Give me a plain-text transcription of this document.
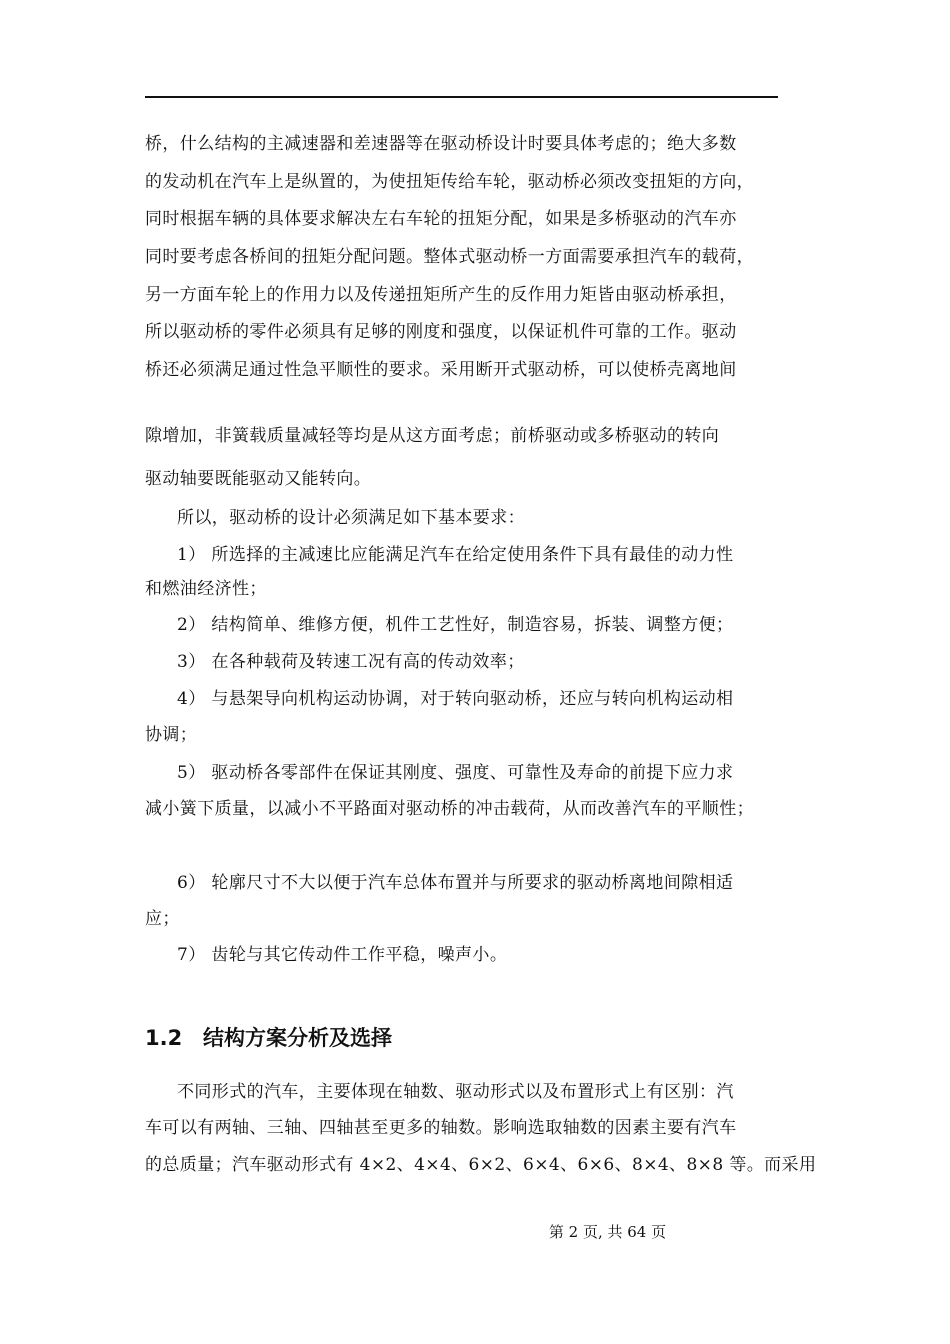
桥，什么结构的主减速器和差速器等在驱动桥设计时要具体考虑的；绝大多数
的发动机在汽车上是纵置的，为使扭矩传给车轮，驱动桥必须改变扭矩的方向，
同时根据车辆的具体要求解决左右车轮的扭矩分配，如果是多桥驱动的汽车亦
同时要考虑各桥间的扭矩分配问题。整体式驱动桥一方面需要承担汽车的载荷，
另一方面车轮上的作用力以及传递扭矩所产生的反作用力矩皆由驱动桥承担，
所以驱动桥的零件必须具有足够的刚度和强度，以保证机件可靠的工作。驱动
桥还必须满足通过性急平顺性的要求。采用断开式驱动桥，可以使桥壳离地间
隙增加，非簧载质量减轻等均是从这方面考虑；前桥驱动或多桥驱动的转向
驱动轴要既能驱动又能转向。
所以，驱动桥的设计必须满足如下基本要求：
1） 所选择的主减速比应能满足汽车在给定使用条件下具有最佳的动力性
和燃油经济性；
2） 结构简单、维修方便，机件工艺性好，制造容易，拆装、调整方便；
3） 在各种载荷及转速工况有高的传动效率；
4） 与悬架导向机构运动协调，对于转向驱动桥，还应与转向机构运动相
协调；
5） 驱动桥各零部件在保证其刚度、强度、可靠性及寿命的前提下应力求
减小簧下质量，以减小不平路面对驱动桥的冲击载荷，从而改善汽车的平顺性；
6） 轮廓尺寸不大以便于汽车总体布置并与所要求的驱动桥离地间隙相适
应；
7） 齿轮与其它传动件工作平稳，噪声小。
1.2 结构方案分析及选择
不同形式的汽车，主要体现在轴数、驱动形式以及布置形式上有区别：汽
车可以有两轴、三轴、四轴甚至更多的轴数。影响选取轴数的因素主要有汽车
的总质量；汽车驱动形式有 4×2、4×4、6×2、6×4、6×6、8×4、8×8 等。而采用
第 2 页, 共 64 页
